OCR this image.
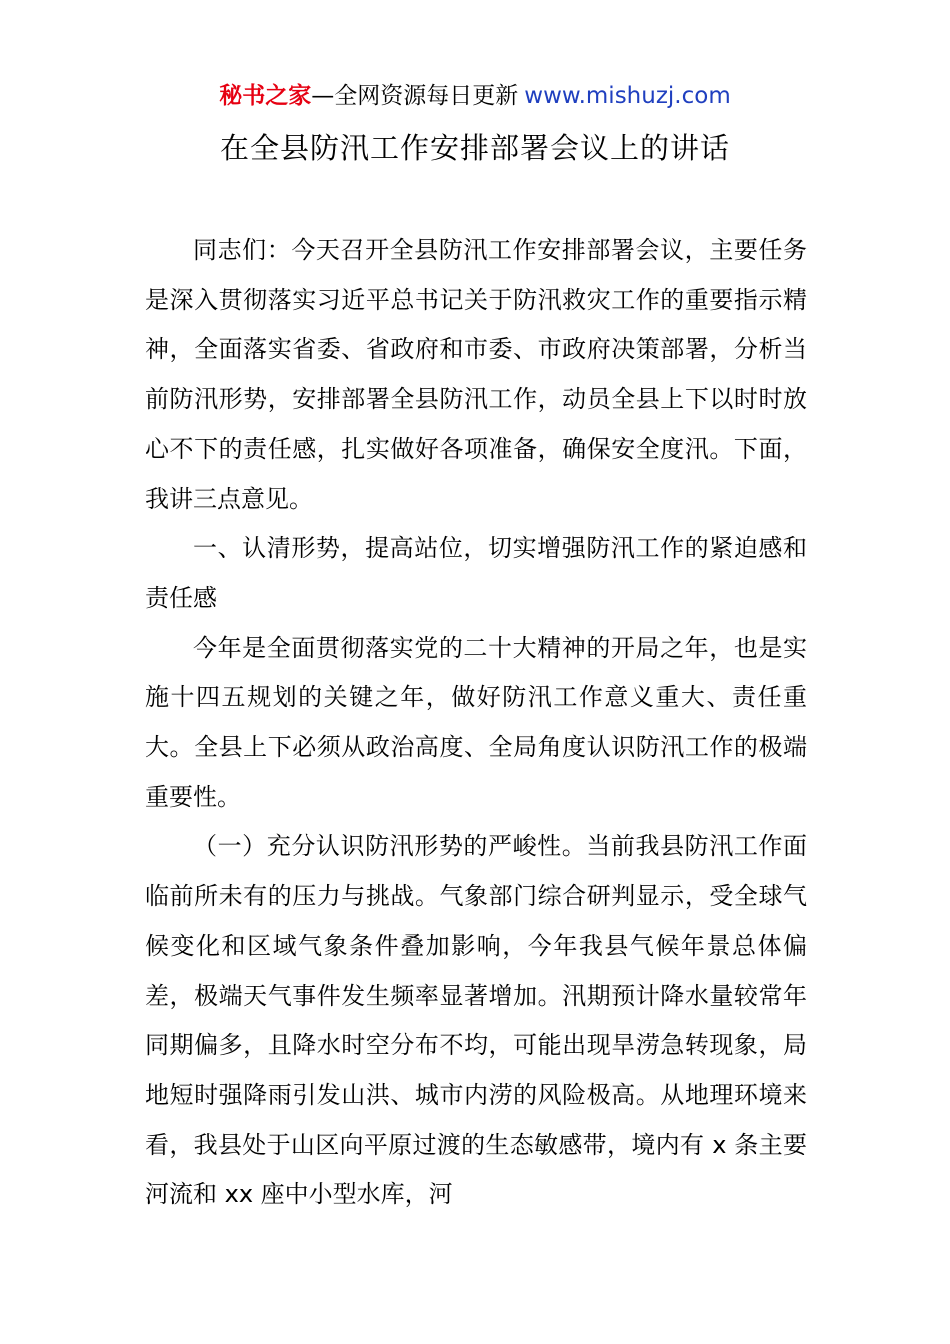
秘书之家—全网资源每日更新 www.mishuzj.com
在全县防汛工作安排部署会议上的讲话

同志们：今天召开全县防汛工作安排部署会议，主要任务是深入贯彻落实习近平总书记关于防汛救灾工作的重要指示精神，全面落实省委、省政府和市委、市政府决策部署，分析当前防汛形势，安排部署全县防汛工作，动员全县上下以时时放心不下的责任感，扎实做好各项准备，确保安全度汛。下面，我讲三点意见。

一、认清形势，提高站位，切实增强防汛工作的紧迫感和责任感

今年是全面贯彻落实党的二十大精神的开局之年，也是实施十四五规划的关键之年，做好防汛工作意义重大、责任重大。全县上下必须从政治高度、全局角度认识防汛工作的极端重要性。

（一）充分认识防汛形势的严峻性。当前我县防汛工作面临前所未有的压力与挑战。气象部门综合研判显示，受全球气候变化和区域气象条件叠加影响，今年我县气候年景总体偏差，极端天气事件发生频率显著增加。汛期预计降水量较常年同期偏多，且降水时空分布不均，可能出现旱涝急转现象，局地短时强降雨引发山洪、城市内涝的风险极高。从地理环境来看，我县处于山区向平原过渡的生态敏感带，境内有 x 条主要河流和 xx 座中小型水库，河
